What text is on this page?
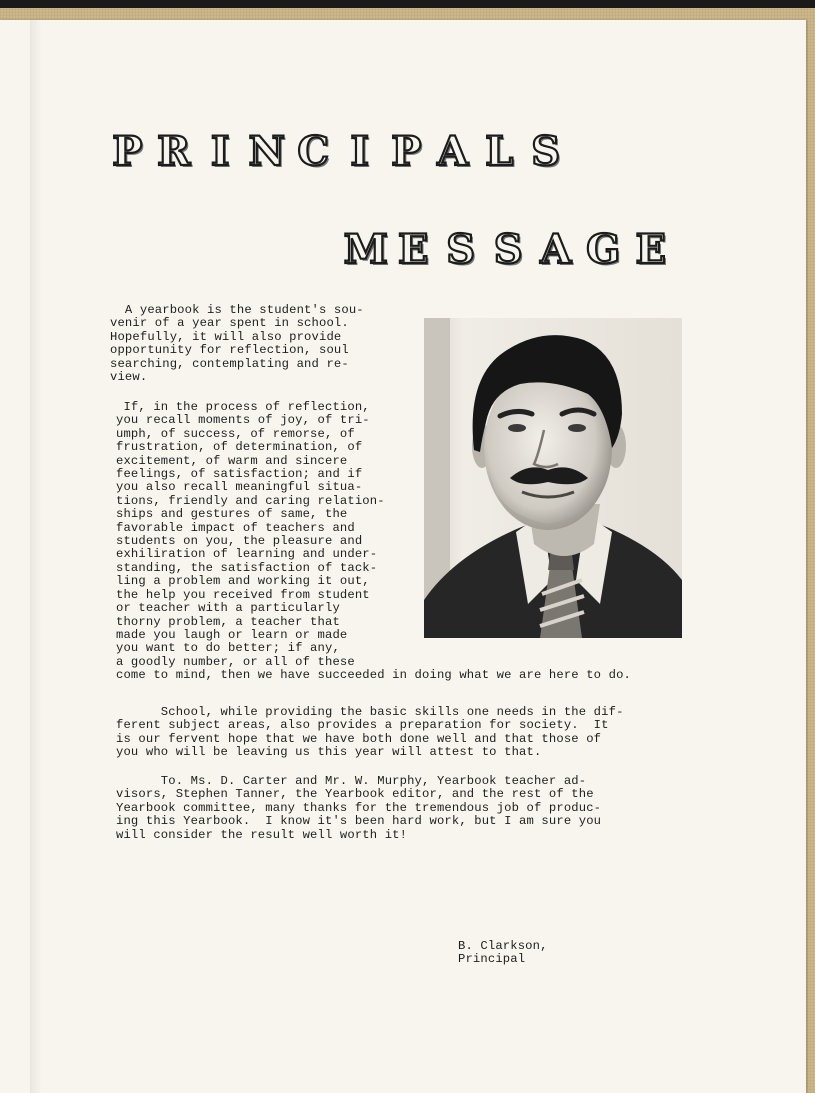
P R I N C I P A L S
M E S S A G E

A yearbook is the student's sou-
venir of a year spent in school.
Hopefully, it will also provide
opportunity for reflection, soul
searching, contemplating and re-
view.

If, in the process of reflection,
you recall moments of joy, of tri-
umph, of success, of remorse, of
frustration, of determination, of
excitement, of warm and sincere
feelings, of satisfaction; and if
you also recall meaningful situa-
tions, friendly and caring relation-
ships and gestures of same, the
favorable impact of teachers and
students on you, the pleasure and
exhiliration of learning and under-
standing, the satisfaction of tack-
ling a problem and working it out,
the help you received from student
or teacher with a particularly
thorny problem, a teacher that
made you laugh or learn or made
you want to do better; if any,
a goodly number, or all of these
come to mind, then we have succeeded in doing what we are here to do.

School, while providing the basic skills one needs in the dif-
ferent subject areas, also provides a preparation for society.  It
is our fervent hope that we have both done well and that those of
you who will be leaving us this year will attest to that.

To. Ms. D. Carter and Mr. W. Murphy, Yearbook teacher ad-
visors, Stephen Tanner, the Yearbook editor, and the rest of the
Yearbook committee, many thanks for the tremendous job of produc-
ing this Yearbook.  I know it's been hard work, but I am sure you
will consider the result well worth it!

B. Clarkson,
Principal
